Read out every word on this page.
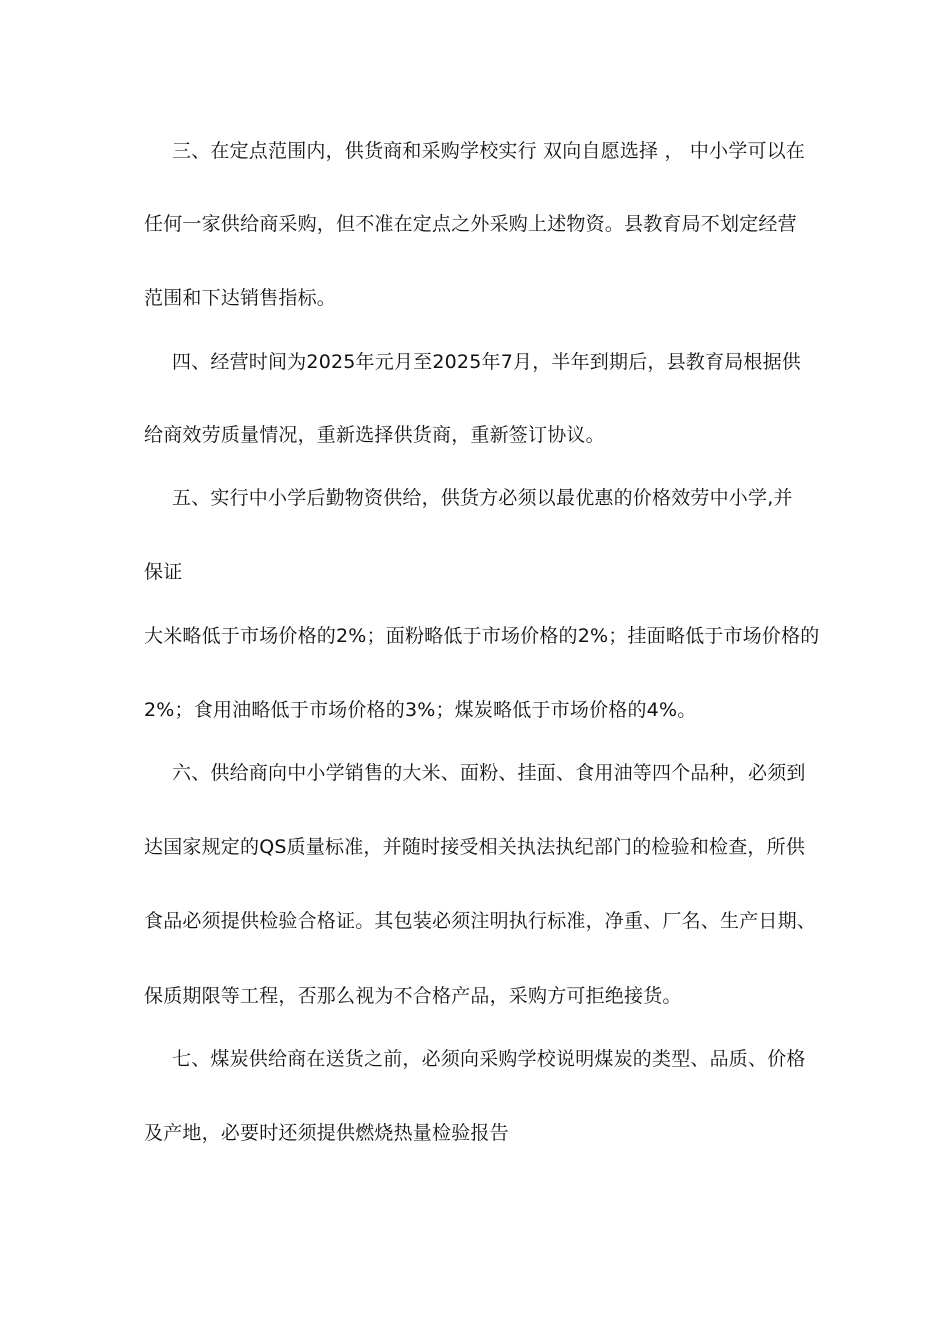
三、在定点范围内，供货商和采购学校实行 双向自愿选择 ， 中小学可以在
任何一家供给商采购，但不准在定点之外采购上述物资。县教育局不划定经营
范围和下达销售指标。
四、经营时间为2025年元月至2025年7月，半年到期后，县教育局根据供
给商效劳质量情况，重新选择供货商，重新签订协议。
五、实行中小学后勤物资供给，供货方必须以最优惠的价格效劳中小学,并
保证
大米略低于市场价格的2%；面粉略低于市场价格的2%；挂面略低于市场价格的
2%；食用油略低于市场价格的3%；煤炭略低于市场价格的4%。
六、供给商向中小学销售的大米、面粉、挂面、食用油等四个品种，必须到
达国家规定的QS质量标准，并随时接受相关执法执纪部门的检验和检查，所供
食品必须提供检验合格证。其包装必须注明执行标准，净重、厂名、生产日期、
保质期限等工程，否那么视为不合格产品，采购方可拒绝接货。
七、煤炭供给商在送货之前，必须向采购学校说明煤炭的类型、品质、价格
及产地，必要时还须提供燃烧热量检验报告
